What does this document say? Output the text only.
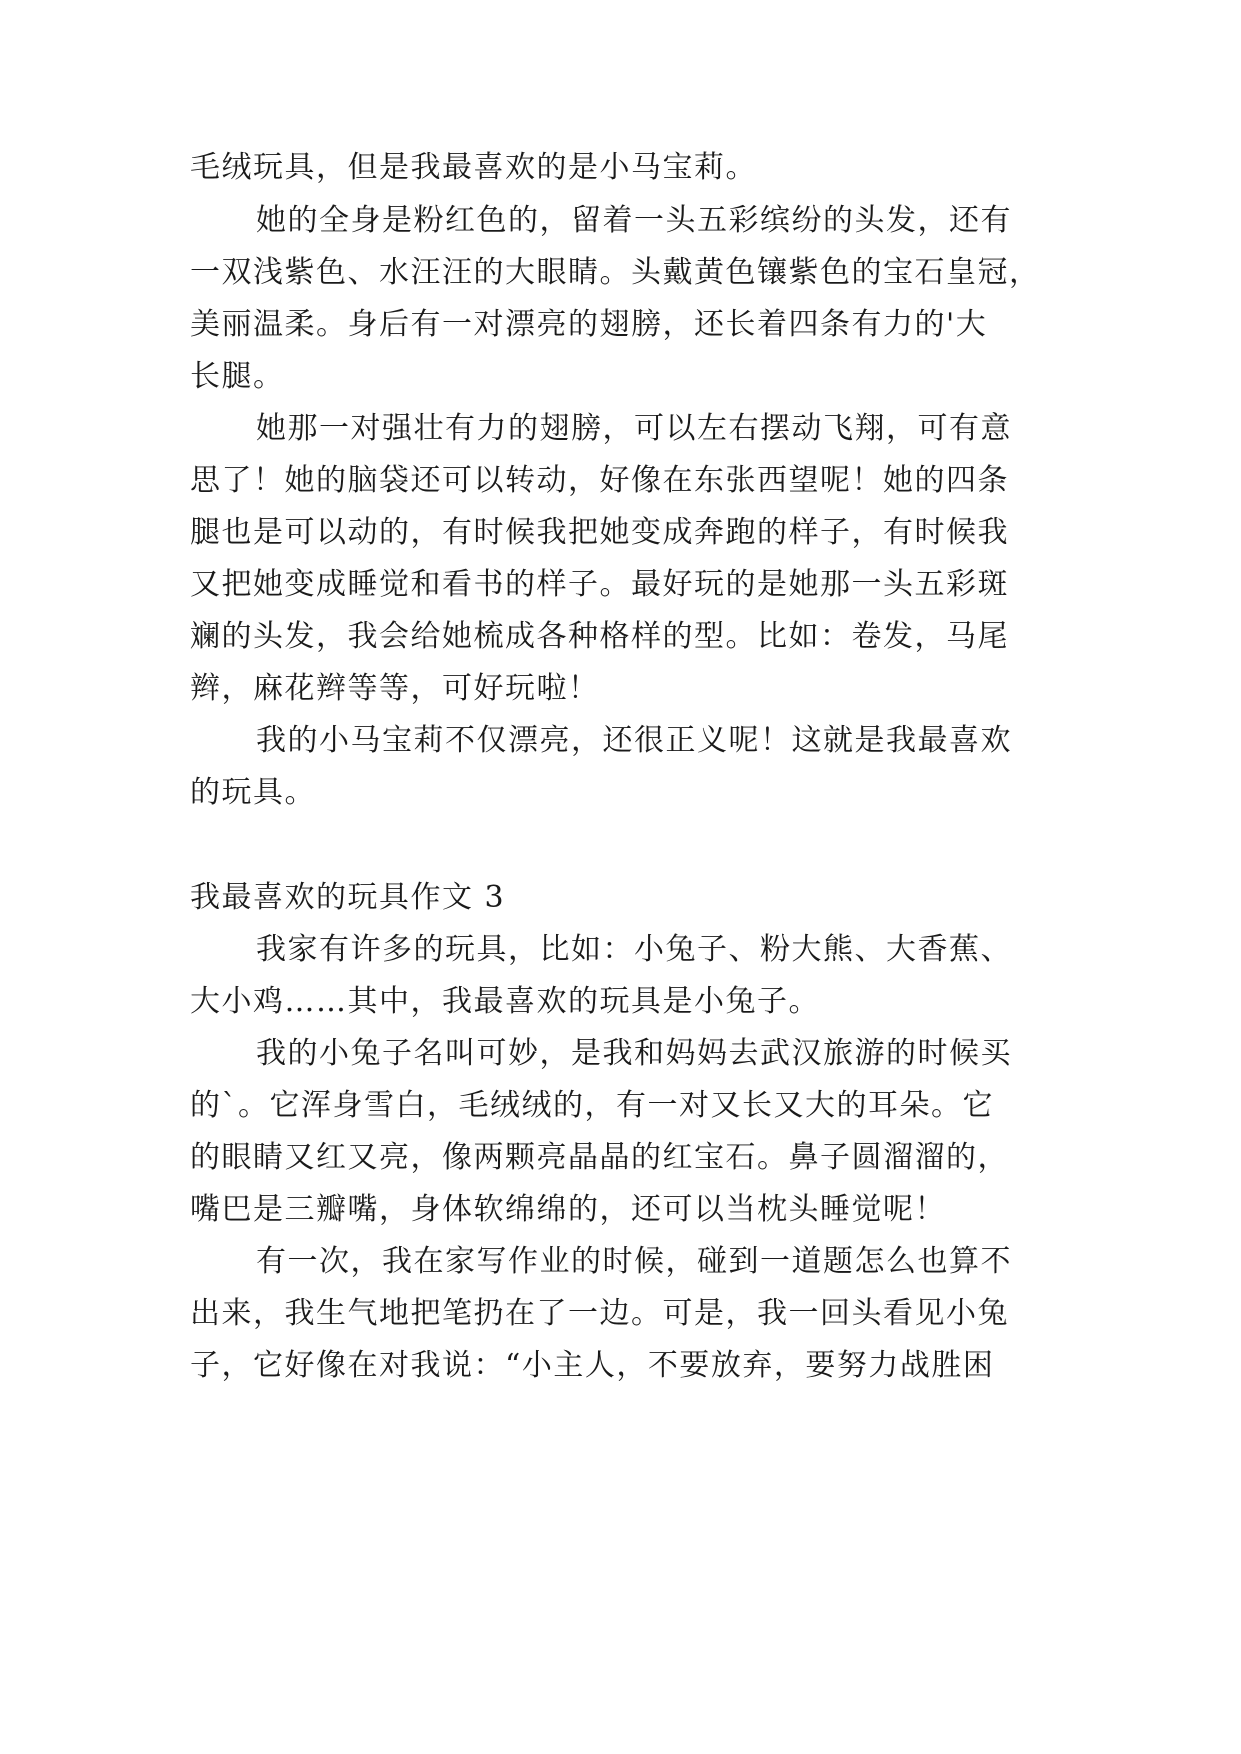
毛绒玩具，但是我最喜欢的是小马宝莉。

她的全身是粉红色的，留着一头五彩缤纷的头发，还有

一双浅紫色、水汪汪的大眼睛。头戴黄色镶紫色的宝石皇冠，

美丽温柔。身后有一对漂亮的翅膀，还长着四条有力的'大

长腿。

她那一对强壮有力的翅膀，可以左右摆动飞翔，可有意

思了！她的脑袋还可以转动，好像在东张西望呢！她的四条

腿也是可以动的，有时候我把她变成奔跑的样子，有时候我

又把她变成睡觉和看书的样子。最好玩的是她那一头五彩斑

斓的头发，我会给她梳成各种格样的型。比如：卷发，马尾

辫，麻花辫等等，可好玩啦！

我的小马宝莉不仅漂亮，还很正义呢！这就是我最喜欢

的玩具。

我最喜欢的玩具作文 3

我家有许多的玩具，比如：小兔子、粉大熊、大香蕉、

大小鸡……其中，我最喜欢的玩具是小兔子。

我的小兔子名叫可妙，是我和妈妈去武汉旅游的时候买

的`。它浑身雪白，毛绒绒的，有一对又长又大的耳朵。它

的眼睛又红又亮，像两颗亮晶晶的红宝石。鼻子圆溜溜的，

嘴巴是三瓣嘴，身体软绵绵的，还可以当枕头睡觉呢！

有一次，我在家写作业的时候，碰到一道题怎么也算不

出来，我生气地把笔扔在了一边。可是，我一回头看见小兔

子，它好像在对我说：“小主人，不要放弃，要努力战胜困
